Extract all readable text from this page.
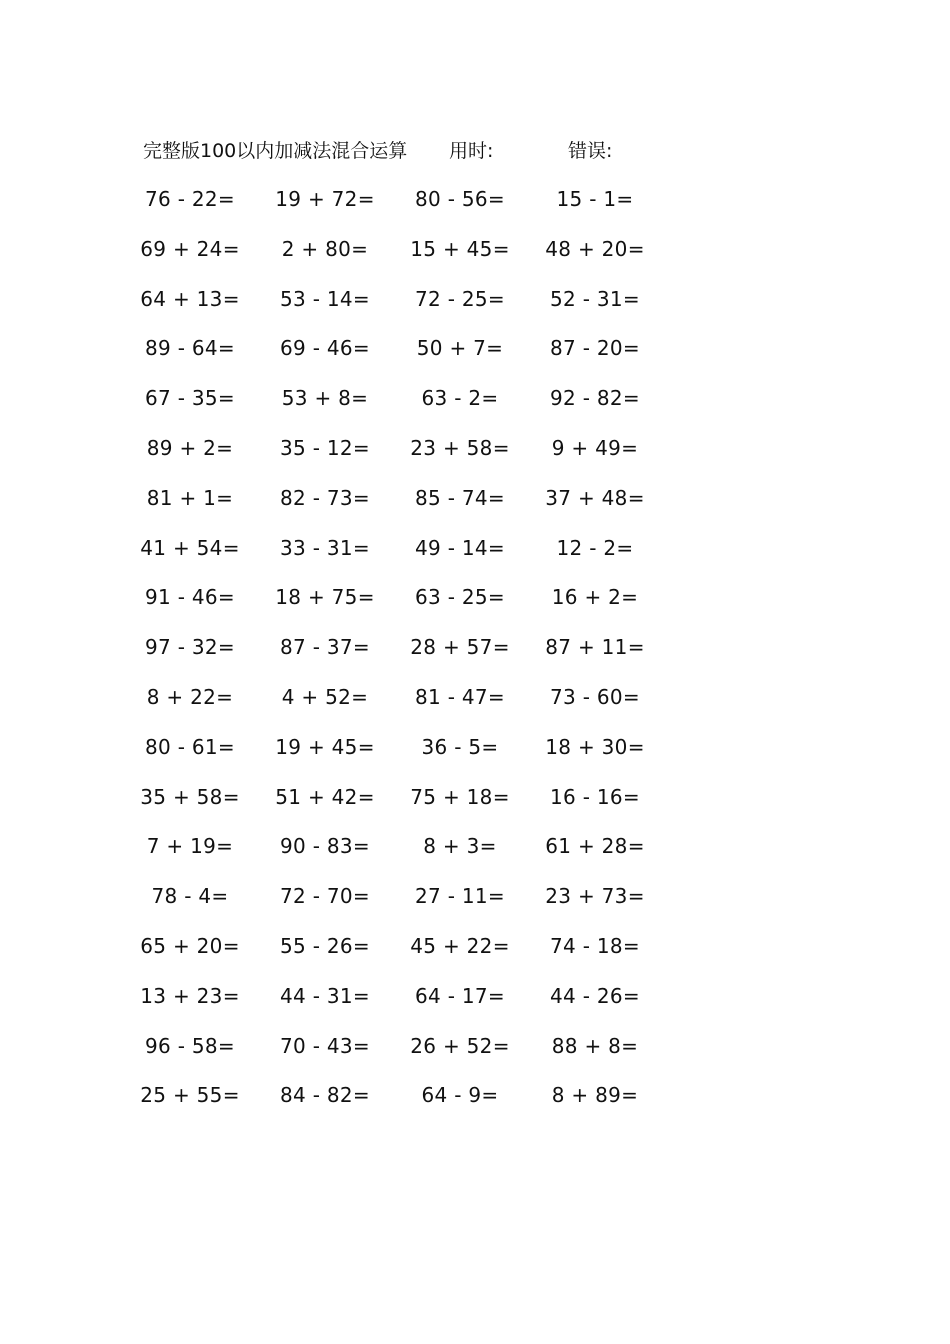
完整版100以内加减法混合运算 用时:	错误:
76 - 22=	19 + 72=	80 - 56=	15 - 1=
69 + 24=	2 + 80=	15 + 45=	48 + 20=
64 + 13=	53 - 14=	72 - 25=	52 - 31=
89 - 64=	69 - 46=	50 + 7=	87 - 20=
67 - 35=	53 + 8=	63 - 2=	92 - 82=
89 + 2=	35 - 12=	23 + 58=	9 + 49=
81 + 1=	82 - 73=	85 - 74=	37 + 48=
41 + 54=	33 - 31=	49 - 14=	12 - 2=
91 - 46=	18 + 75=	63 - 25=	16 + 2=
97 - 32=	87 - 37=	28 + 57=	87 + 11=
8 + 22=	4 + 52=	81 - 47=	73 - 60=
80 - 61=	19 + 45=	36 - 5=	18 + 30=
35 + 58=	51 + 42=	75 + 18=	16 - 16=
7 + 19=	90 - 83=	8 + 3=	61 + 28=
78 - 4=	72 - 70=	27 - 11=	23 + 73=
65 + 20=	55 - 26=	45 + 22=	74 - 18=
13 + 23=	44 - 31=	64 - 17=	44 - 26=
96 - 58=	70 - 43=	26 + 52=	88 + 8=
25 + 55=	84 - 82=	64 - 9=	8 + 89=
